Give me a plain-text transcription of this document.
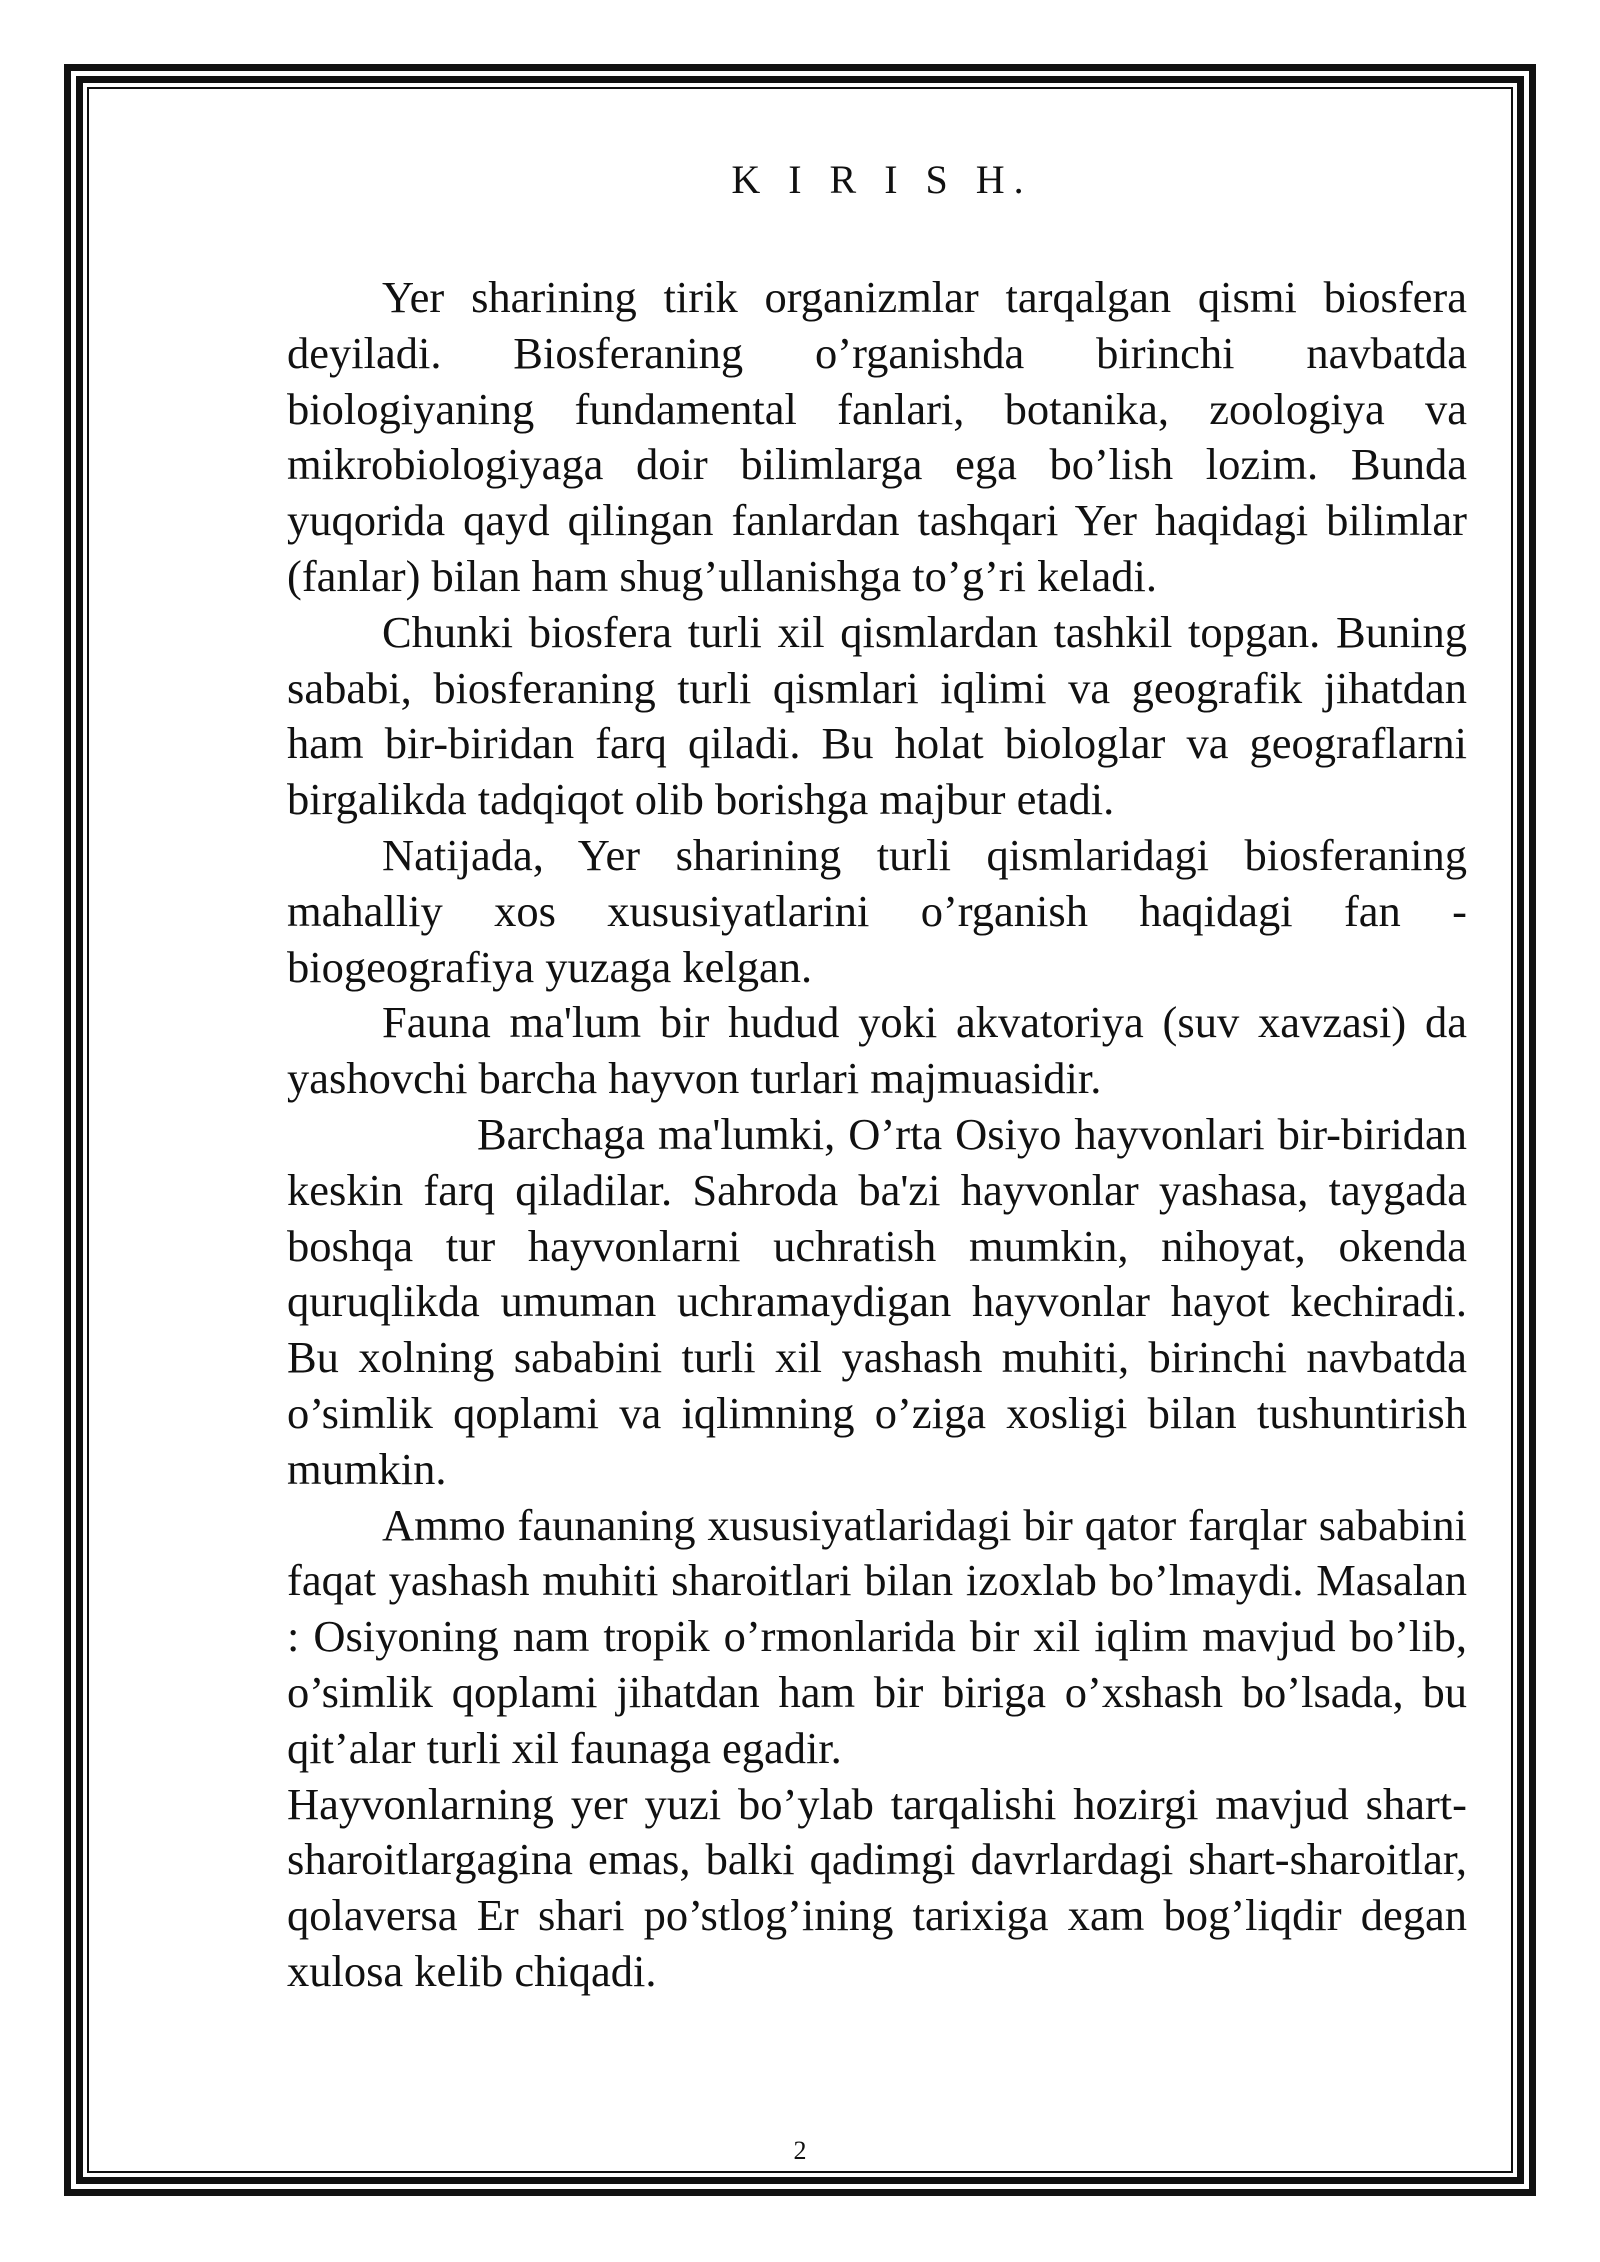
K I R I S H.

Yer sharining tirik organizmlar tarqalgan qismi biosfera deyiladi. Biosferaning o’rganishda birinchi navbatda biologiyaning fundamental fanlari, botanika, zoologiya va mikrobiologiyaga doir bilimlarga ega bo’lish lozim. Bunda yuqorida qayd qilingan fanlardan tashqari Yer haqidagi bilimlar (fanlar) bilan ham shug’ullanishga to’g’ri keladi.

Chunki biosfera turli xil qismlardan tashkil topgan. Buning sababi, biosferaning turli qismlari iqlimi va geografik jihatdan ham bir-biridan farq qiladi. Bu holat biologlar va geograflarni birgalikda tadqiqot olib borishga majbur etadi.

Natijada, Yer sharining turli qismlaridagi biosferaning mahalliy xos xususiyatlarini o’rganish haqidagi fan - biogeografiya yuzaga kelgan.

Fauna ma'lum bir hudud yoki akvatoriya (suv xavzasi) da yashovchi barcha hayvon turlari majmuasidir.

Barchaga ma'lumki, O’rta Osiyo hayvonlari bir-biridan keskin farq qiladilar. Sahroda ba'zi hayvonlar yashasa, taygada boshqa tur hayvonlarni uchratish mumkin, nihoyat, okenda quruqlikda umuman uchramaydigan hayvonlar hayot kechiradi. Bu xolning sababini turli xil yashash muhiti, birinchi navbatda o’simlik qoplami va iqlimning o’ziga xosligi bilan tushuntirish mumkin.

Ammo faunaning xususiyatlaridagi bir qator farqlar sababini faqat yashash muhiti sharoitlari bilan izoxlab bo’lmaydi. Masalan : Osiyoning nam tropik o’rmonlarida bir xil iqlim mavjud bo’lib, o’simlik qoplami jihatdan ham bir biriga o’xshash bo’lsada, bu qit’alar turli xil faunaga egadir.

Hayvonlarning yer yuzi bo’ylab tarqalishi hozirgi mavjud shart-sharoitlargagina emas, balki qadimgi davrlardagi shart-sharoitlar, qolaversa Er shari po’stlog’ining tarixiga xam bog’liqdir degan xulosa kelib chiqadi.

2
